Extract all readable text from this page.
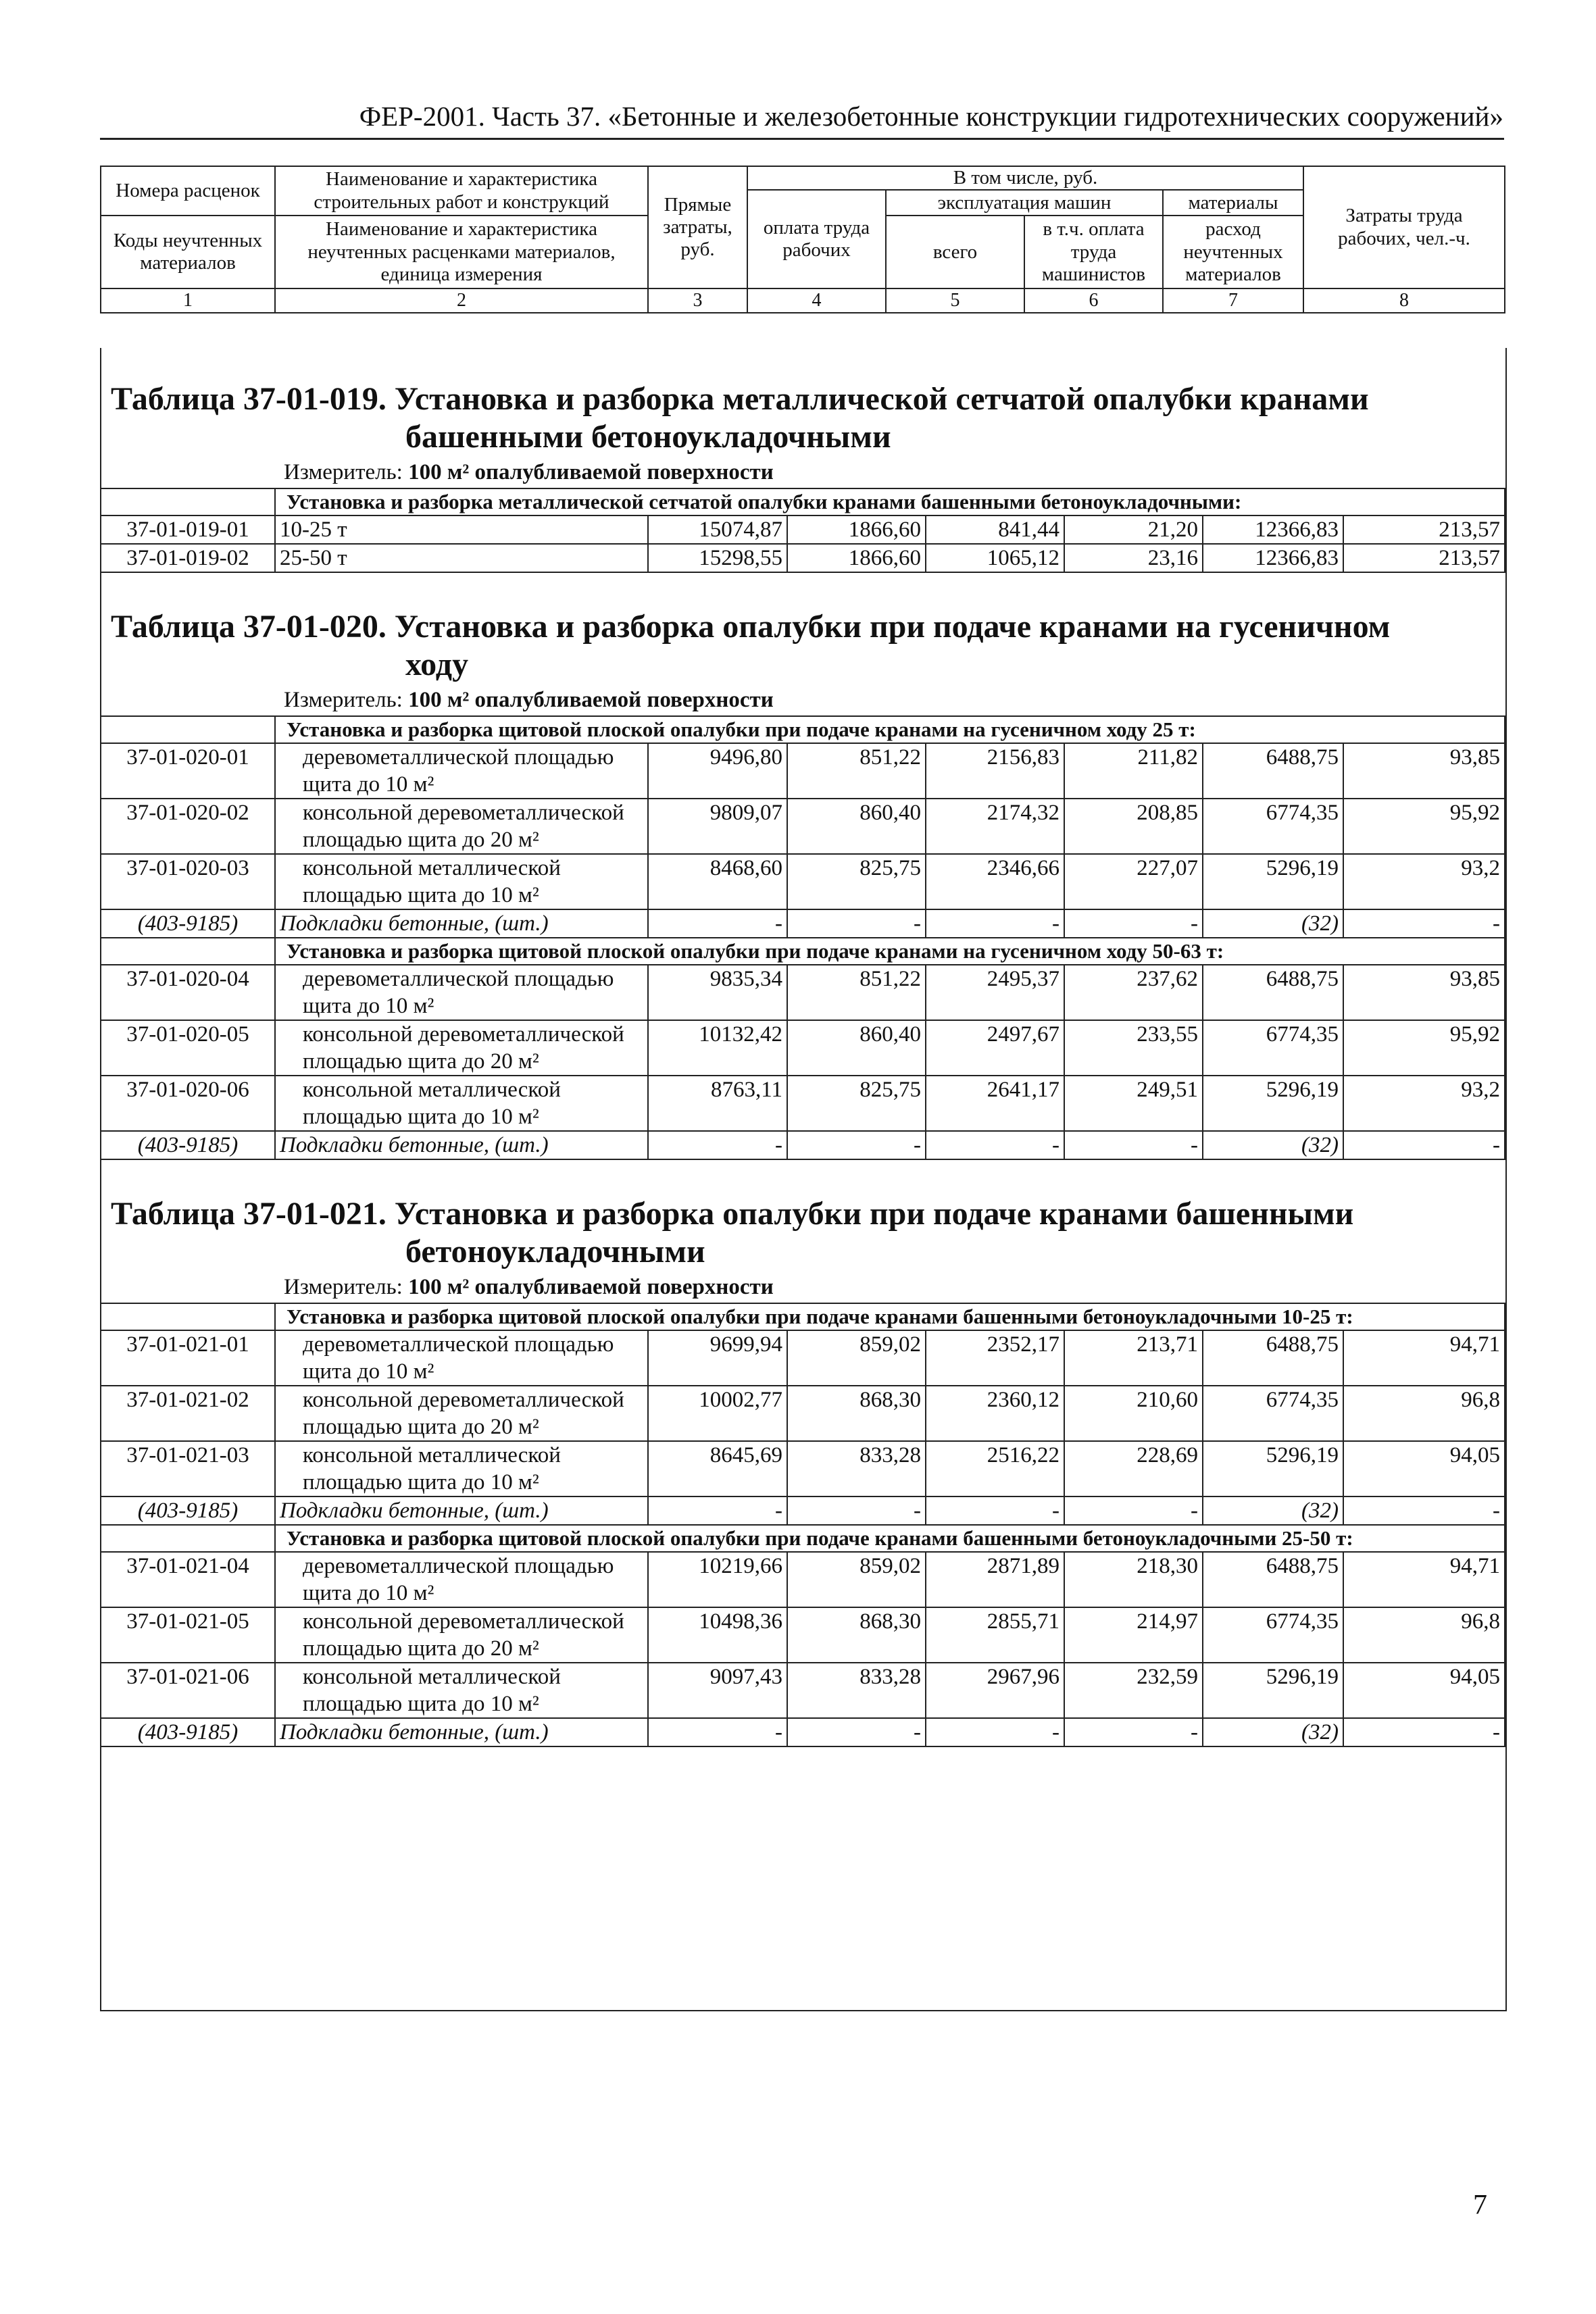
ФЕР-2001. Часть 37. «Бетонные и железобетонные конструкции гидротехнических сооружений»
Номера расценок	Наименование и характеристика строительных работ и конструкций	Прямые затраты, руб.	В том числе, руб.				Затраты труда рабочих, чел.-ч.
			оплата труда рабочих	эксплуатация машин		материалы	
Коды неучтенных материалов	Наименование и характеристика неучтенных расценками материалов, единица измерения			всего	в т.ч. оплата труда машинистов	расход неучтенных материалов	

1	2	3	4	5	6	7	8
Таблица 37-01-019. Установка и разборка металлической сетчатой опалубки кранами
башенными бетоноукладочными
Измеритель: 100 м² опалубливаемой поверхности
	Установка и разборка металлической сетчатой опалубки кранами башенными бетоноукладочными:						
37-01-019-01	10-25 т	15074,87	1866,60	841,44	21,20	12366,83	213,57
37-01-019-02	25-50 т	15298,55	1866,60	1065,12	23,16	12366,83	213,57
Таблица 37-01-020. Установка и разборка опалубки при подаче кранами на гусеничном
ходу
Измеритель: 100 м² опалубливаемой поверхности
	Установка и разборка щитовой плоской опалубки при подаче кранами на гусеничном ходу 25 т:						
37-01-020-01	деревометаллической площадью щита до 10 м²	9496,80	851,22	2156,83	211,82	6488,75	93,85
37-01-020-02	консольной деревометаллической площадью щита до 20 м²	9809,07	860,40	2174,32	208,85	6774,35	95,92
37-01-020-03	консольной металлической площадью щита до 10 м²	8468,60	825,75	2346,66	227,07	5296,19	93,2
(403-9185)	Подкладки бетонные, (шт.)	-	-	-	-	(32)	-
	Установка и разборка щитовой плоской опалубки при подаче кранами на гусеничном ходу 50-63 т:						
37-01-020-04	деревометаллической площадью щита до 10 м²	9835,34	851,22	2495,37	237,62	6488,75	93,85
37-01-020-05	консольной деревометаллической площадью щита до 20 м²	10132,42	860,40	2497,67	233,55	6774,35	95,92
37-01-020-06	консольной металлической площадью щита до 10 м²	8763,11	825,75	2641,17	249,51	5296,19	93,2
(403-9185)	Подкладки бетонные, (шт.)	-	-	-	-	(32)	-
Таблица 37-01-021. Установка и разборка опалубки при подаче кранами башенными
бетоноукладочными
Измеритель: 100 м² опалубливаемой поверхности
	Установка и разборка щитовой плоской опалубки при подаче кранами башенными бетоноукладочными 10-25 т:						
37-01-021-01	деревометаллической площадью щита до 10 м²	9699,94	859,02	2352,17	213,71	6488,75	94,71
37-01-021-02	консольной деревометаллической площадью щита до 20 м²	10002,77	868,30	2360,12	210,60	6774,35	96,8
37-01-021-03	консольной металлической площадью щита до 10 м²	8645,69	833,28	2516,22	228,69	5296,19	94,05
(403-9185)	Подкладки бетонные, (шт.)	-	-	-	-	(32)	-
	Установка и разборка щитовой плоской опалубки при подаче кранами башенными бетоноукладочными 25-50 т:						
37-01-021-04	деревометаллической площадью щита до 10 м²	10219,66	859,02	2871,89	218,30	6488,75	94,71
37-01-021-05	консольной деревометаллической площадью щита до 20 м²	10498,36	868,30	2855,71	214,97	6774,35	96,8
37-01-021-06	консольной металлической площадью щита до 10 м²	9097,43	833,28	2967,96	232,59	5296,19	94,05
(403-9185)	Подкладки бетонные, (шт.)	-	-	-	-	(32)	-
7
